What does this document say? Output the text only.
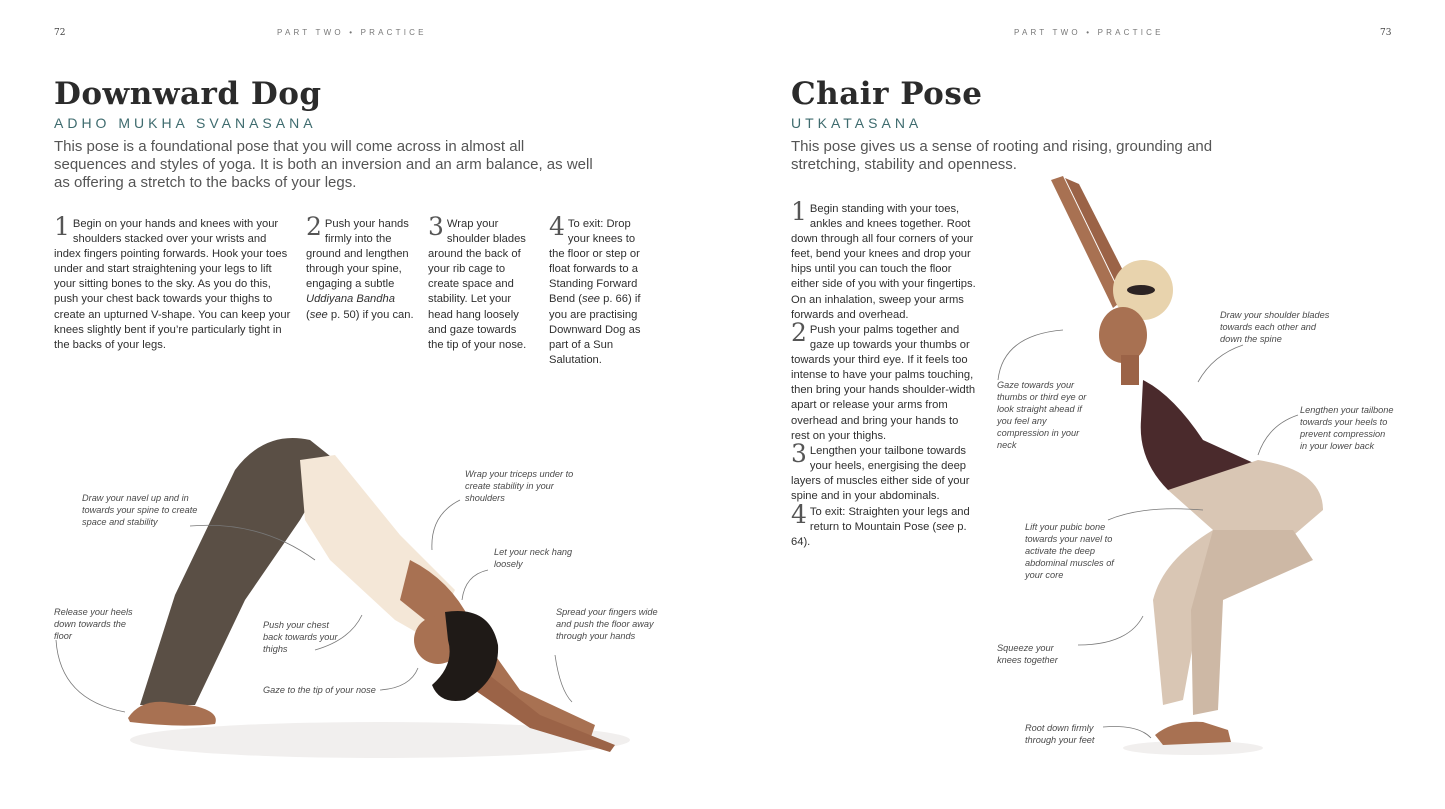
72	PART TWO • PRACTICE
Downward Dog
ADHO MUKHA SVANASANA
This pose is a foundational pose that you will come across in almost all sequences and styles of yoga. It is both an inversion and an arm balance, as well as offering a stretch to the backs of your legs.
1 Begin on your hands and knees with your shoulders stacked over your wrists and index fingers pointing forwards. Hook your toes under and start straightening your legs to lift your sitting bones to the sky. As you do this, push your chest back towards your thighs to create an upturned V-shape. You can keep your knees slightly bent if you’re particularly tight in the backs of your legs.
2 Push your hands firmly into the ground and lengthen through your spine, engaging a subtle Uddiyana Bandha (see p. 50) if you can.
3 Wrap your shoulder blades around the back of your rib cage to create space and stability. Let your head hang loosely and gaze towards the tip of your nose.
4 To exit: Drop your knees to the floor or step or float forwards to a Standing Forward Bend (see p. 66) if you are practising Downward Dog as part of a Sun Salutation.
Draw your navel up and in towards your spine to create space and stability
Wrap your triceps under to create stability in your shoulders
Let your neck hang loosely
Release your heels down towards the floor
Push your chest back towards your thighs
Spread your fingers wide and push the floor away through your hands
Gaze to the tip of your nose
PART TWO • PRACTICE	73
Chair Pose
UTKATASANA
This pose gives us a sense of rooting and rising, grounding and stretching, stability and openness.
1 Begin standing with your toes, ankles and knees together. Root down through all four corners of your feet, bend your knees and drop your hips until you can touch the floor either side of you with your fingertips. On an inhalation, sweep your arms forwards and overhead.
2 Push your palms together and gaze up towards your thumbs or towards your third eye. If it feels too intense to have your palms touching, then bring your hands shoulder-width apart or release your arms from overhead and bring your hands to rest on your thighs.
3 Lengthen your tailbone towards your heels, energising the deep layers of muscles either side of your spine and in your abdominals.
4 To exit: Straighten your legs and return to Mountain Pose (see p. 64).
Draw your shoulder blades towards each other and down the spine
Gaze towards your thumbs or third eye or look straight ahead if you feel any compression in your neck
Lengthen your tailbone towards your heels to prevent compression in your lower back
Lift your pubic bone towards your navel to activate the deep abdominal muscles of your core
Squeeze your knees together
Root down firmly through your feet
